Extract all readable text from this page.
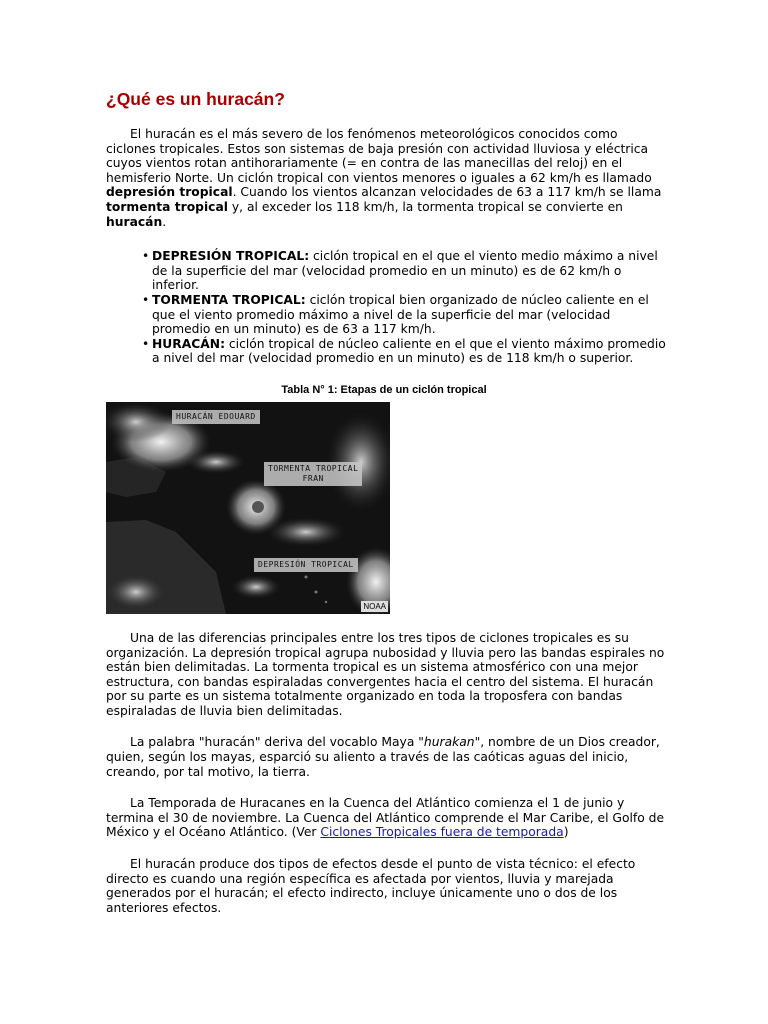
¿Qué es un huracán?

El huracán es el más severo de los fenómenos meteorológicos conocidos como ciclones tropicales. Estos son sistemas de baja presión con actividad lluviosa y eléctrica cuyos vientos rotan antihorariamente (= en contra de las manecillas del reloj) en el hemisferio Norte. Un ciclón tropical con vientos menores o iguales a 62 km/h es llamado depresión tropical. Cuando los vientos alcanzan velocidades de 63 a 117 km/h se llama tormenta tropical y, al exceder los 118 km/h, la tormenta tropical se convierte en huracán.

• DEPRESIÓN TROPICAL: ciclón tropical en el que el viento medio máximo a nivel de la superficie del mar (velocidad promedio en un minuto) es de 62 km/h o inferior.
• TORMENTA TROPICAL: ciclón tropical bien organizado de núcleo caliente en el que el viento promedio máximo a nivel de la superficie del mar (velocidad promedio en un minuto) es de 63 a 117 km/h.
• HURACÁN: ciclón tropical de núcleo caliente en el que el viento máximo promedio a nivel del mar (velocidad promedio en un minuto) es de 118 km/h o superior.
Tabla N° 1: Etapas de un ciclón tropical
HURACÁN EDOUARD
TORMENTA TROPICAL
FRAN
DEPRESIÓN TROPICAL
NOAA

Una de las diferencias principales entre los tres tipos de ciclones tropicales es su organización. La depresión tropical agrupa nubosidad y lluvia pero las bandas espirales no están bien delimitadas. La tormenta tropical es un sistema atmosférico con una mejor estructura, con bandas espiraladas convergentes hacia el centro del sistema. El huracán por su parte es un sistema totalmente organizado en toda la troposfera con bandas espiraladas de lluvia bien delimitadas.

La palabra "huracán" deriva del vocablo Maya "hurakan", nombre de un Dios creador, quien, según los mayas, esparció su aliento a través de las caóticas aguas del inicio, creando, por tal motivo, la tierra.

La Temporada de Huracanes en la Cuenca del Atlántico comienza el 1 de junio y termina el 30 de noviembre. La Cuenca del Atlántico comprende el Mar Caribe, el Golfo de México y el Océano Atlántico. (Ver Ciclones Tropicales fuera de temporada)

El huracán produce dos tipos de efectos desde el punto de vista técnico: el efecto directo es cuando una región específica es afectada por vientos, lluvia y marejada generados por el huracán; el efecto indirecto, incluye únicamente uno o dos de los anteriores efectos.
